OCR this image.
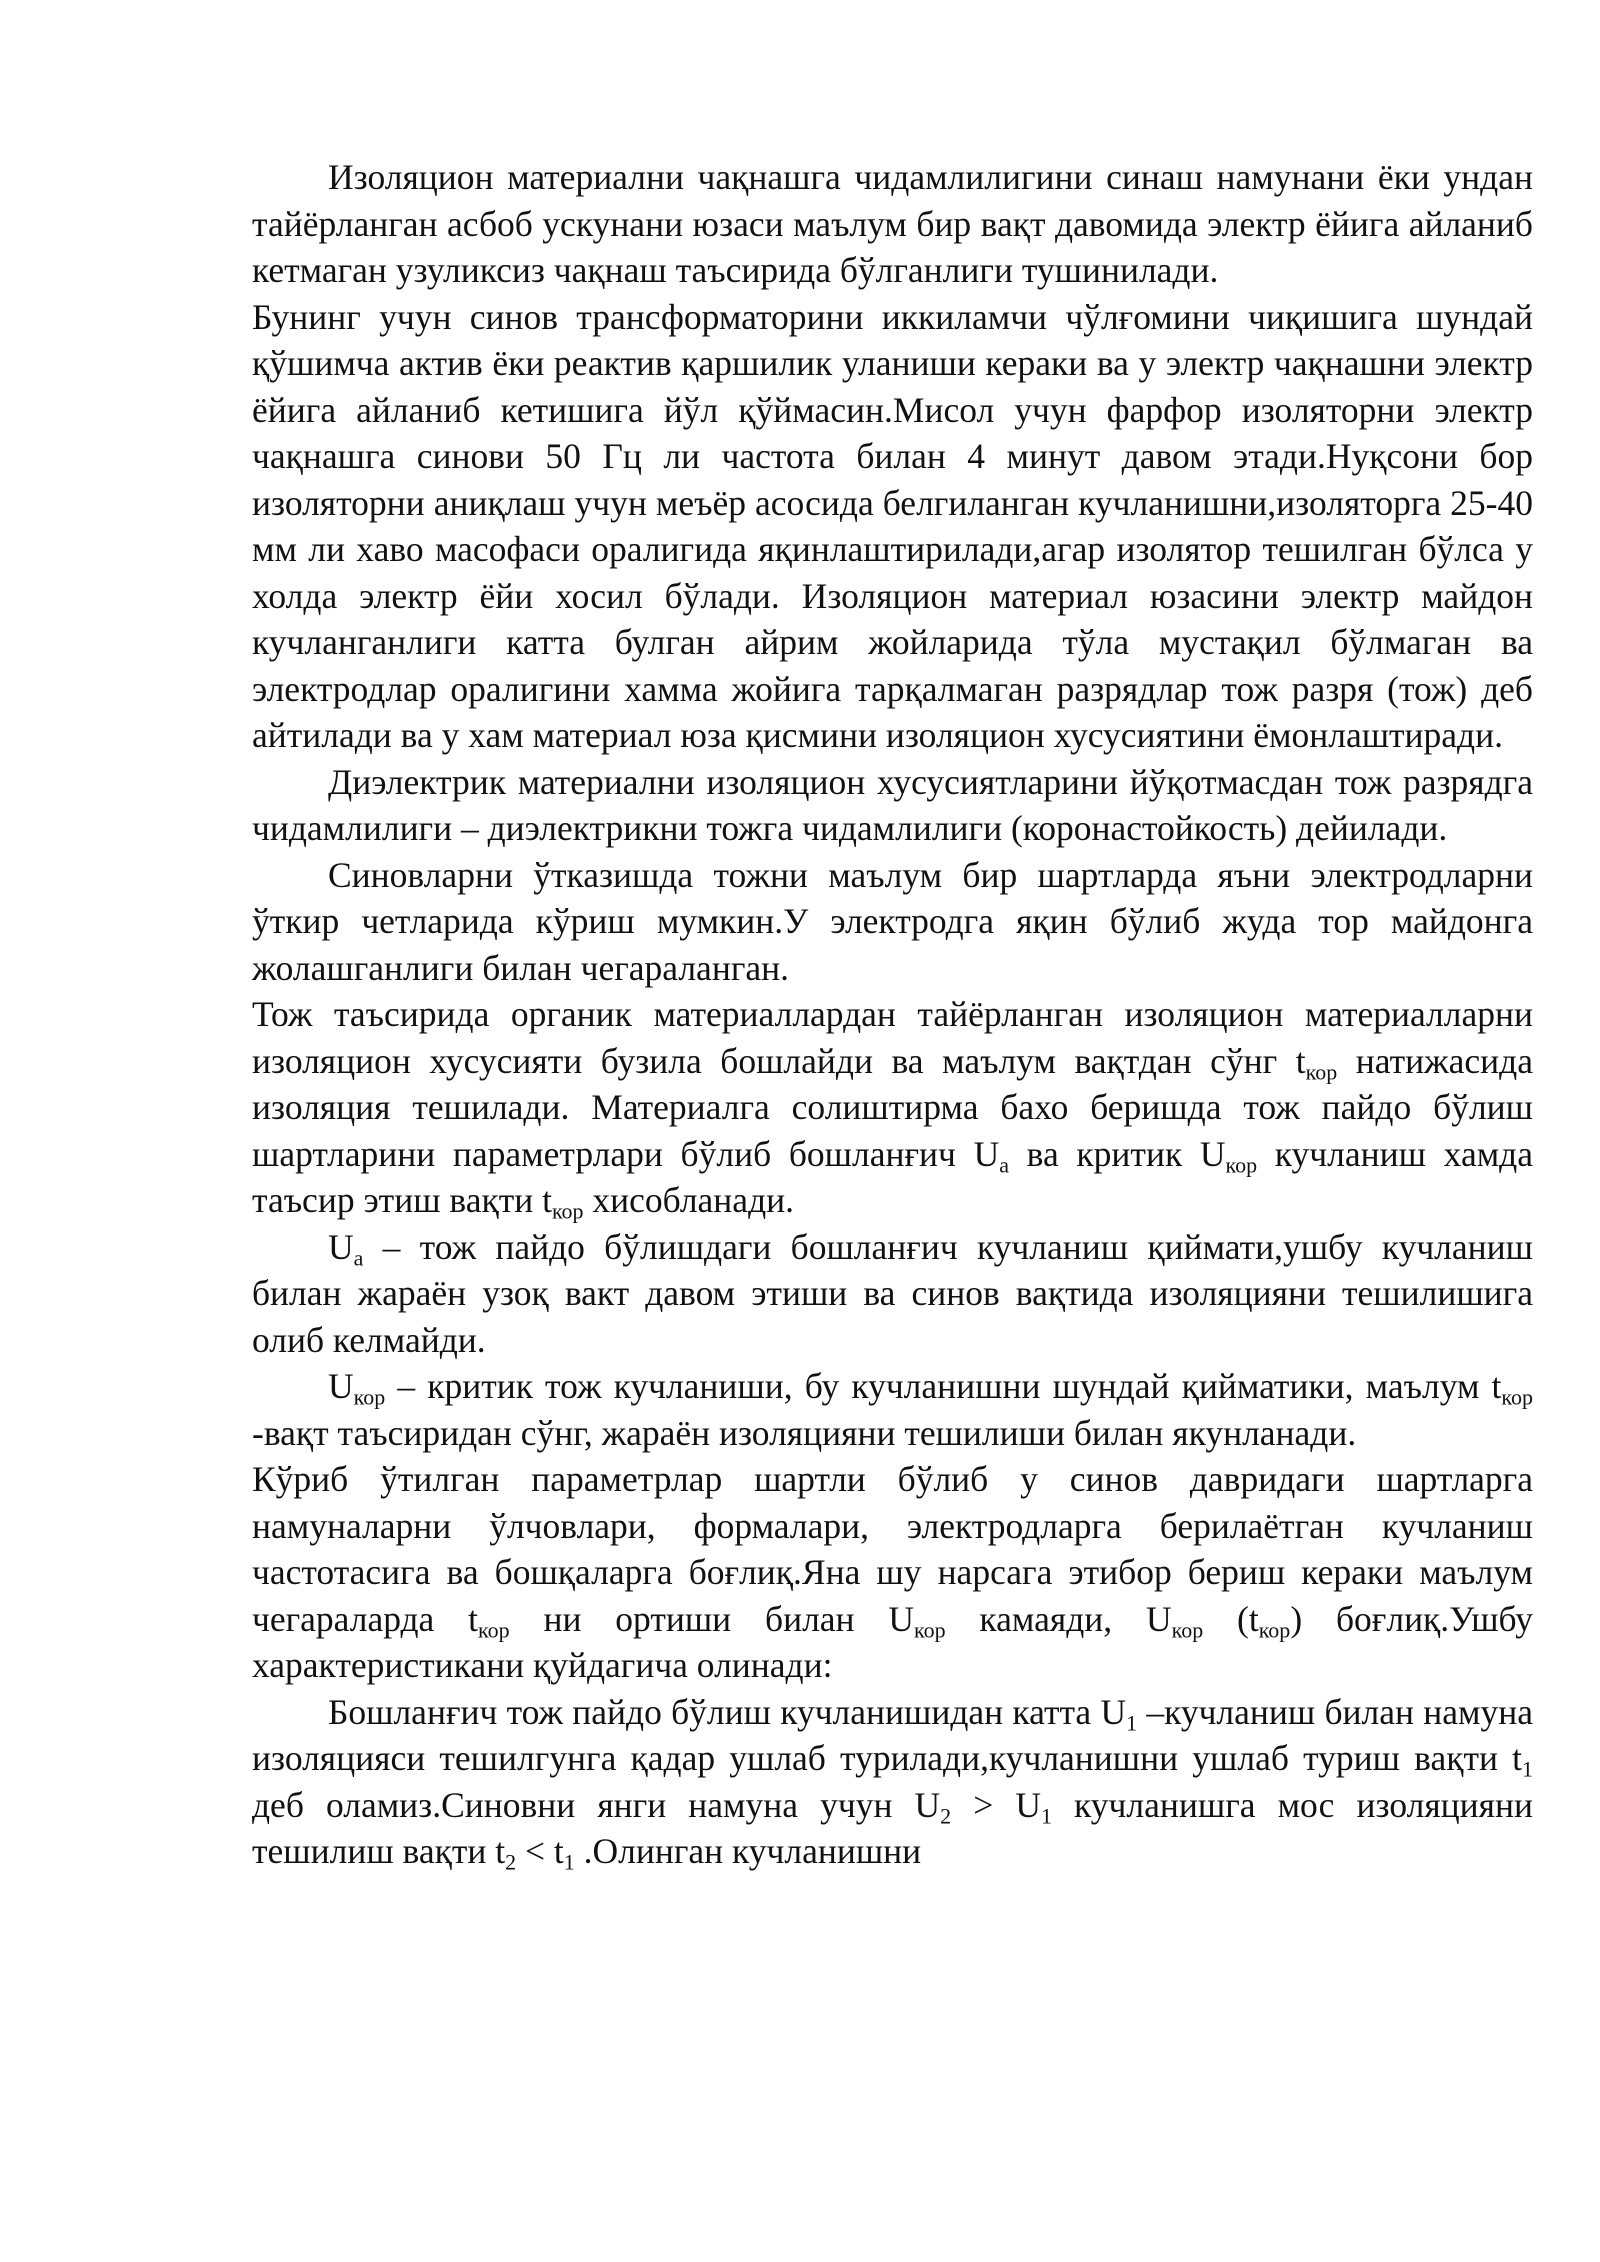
Изоляцион материални чақнашга чидамлилигини синаш намунани ёки ундан тайёрланган асбоб ускунани юзаси маълум бир вақт давомида электр ёйига айланиб кетмаган узуликсиз чақнаш таъсирида бўлганлиги тушинилади.

Бунинг учун синов трансформаторини иккиламчи чўлғомини чиқишига шундай қўшимча актив ёки реактив қаршилик уланиши кераки ва у электр чақнашни электр ёйига айланиб кетишига йўл қўймасин.Мисол учун фарфор изоляторни электр чақнашга синови 50 Гц ли частота билан 4 минут давом этади.Нуқсони бор изоляторни аниқлаш учун меъёр асосида белгиланган кучланишни,изоляторга 25-40 мм ли хаво масофаси оралигида яқинлаштирилади,агар изолятор тешилган бўлса у холда электр ёйи хосил бўлади. Изоляцион материал юзасини электр майдон кучланганлиги катта булган айрим жойларида тўла мустақил бўлмаган ва электродлар оралигини хамма жойига тарқалмаган разрядлар тож разря (тож) деб айтилади ва у хам материал юза қисмини изоляцион хусусиятини ёмонлаштиради.

Диэлектрик материални изоляцион хусусиятларини йўқотмасдан тож разрядга чидамлилиги – диэлектрикни тожга чидамлилиги (коронастойкость) дейилади.

Синовларни ўтказишда тожни маълум бир шартларда яъни электродларни ўткир четларида кўриш мумкин.У электродга яқин бўлиб жуда тор майдонга жолашганлиги билан чегараланган.

Тож таъсирида органик материаллардан тайёрланган изоляцион материалларни изоляцион хусусияти бузила бошлайди ва маълум вақтдан сўнг $t_{кор}$ натижасида изоляция тешилади. Материалга солиштирма бахо беришда тож пайдо бўлиш шартларини параметрлари бўлиб бошланғич $U_а$ ва критик $U_{кор}$ кучланиш хамда таъсир этиш вақти $t_{кор}$ хисобланади.

$U_а$ – тож пайдо бўлишдаги бошланғич кучланиш қиймати,ушбу кучланиш билан жараён узоқ вакт давом этиши ва синов вақтида изоляцияни тешилишига олиб келмайди.

$U_{кор}$ – критик тож кучланиши, бу кучланишни шундай қийматики, маълум $t_{кор}$ -вақт таъсиридан сўнг, жараён изоляцияни тешилиши билан якунланади.

Кўриб ўтилган параметрлар шартли бўлиб у синов давридаги шартларга намуналарни ўлчовлари, формалари, электродларга берилаётган кучланиш частотасига ва бошқаларга боғлиқ.Яна шу нарсага этибор бериш кераки маълум чегараларда $t_{кор}$ ни ортиши билан $U_{кор}$ камаяди, $U_{кор}$ $(t_{кор})$ боғлиқ.Ушбу характеристикани қуйдагича олинади:

Бошланғич тож пайдо бўлиш кучланишидан катта $U_1$ –кучланиш билан намуна изоляцияси тешилгунга қадар ушлаб турилади,кучланишни ушлаб туриш вақти $t_1$ деб оламиз.Синовни янги намуна учун $U_2 > U_1$ кучланишга мос изоляцияни тешилиш вақти $t_2 < t_1$ .Олинган кучланишни
